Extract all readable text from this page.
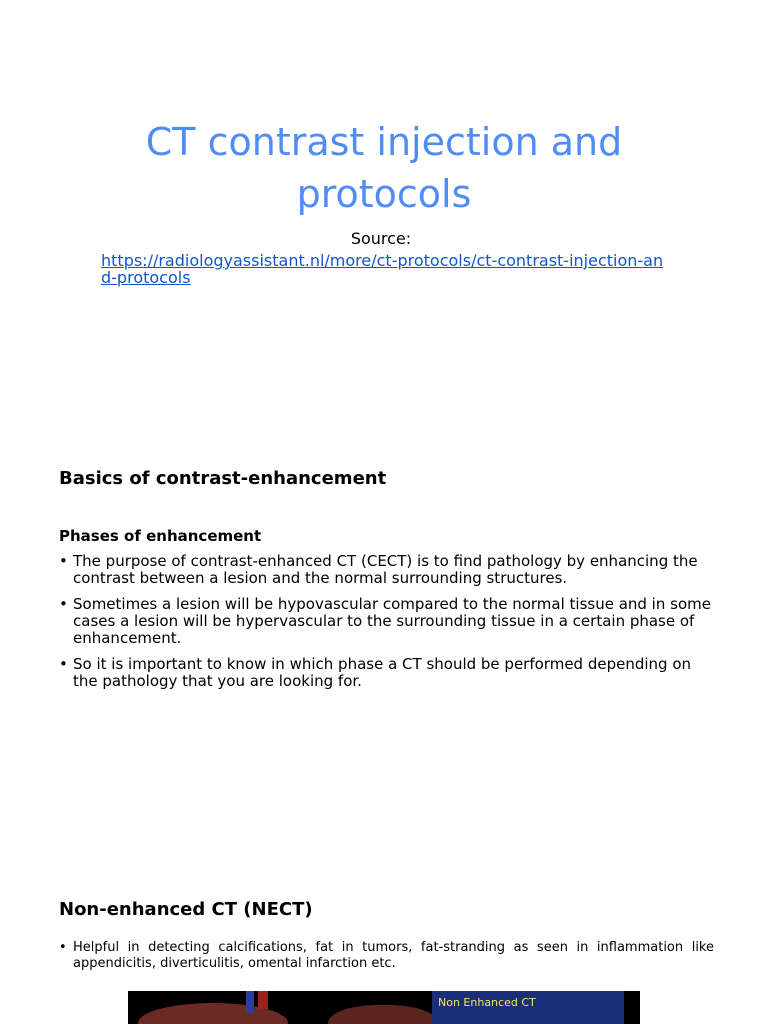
CT contrast injection and protocols
Source:
https://radiologyassistant.nl/more/ct-protocols/ct-contrast-injection-and-protocols
Basics of contrast-enhancement
Phases of enhancement
• The purpose of contrast-enhanced CT (CECT) is to find pathology by enhancing the contrast between a lesion and the normal surrounding structures.
• Sometimes a lesion will be hypovascular compared to the normal tissue and in some cases a lesion will be hypervascular to the surrounding tissue in a certain phase of enhancement.
• So it is important to know in which phase a CT should be performed depending on the pathology that you are looking for.
Non-enhanced CT (NECT)
• Helpful in detecting calcifications, fat in tumors, fat-stranding as seen in inflammation like appendicitis, diverticulitis, omental infarction etc.
Non Enhanced CT
